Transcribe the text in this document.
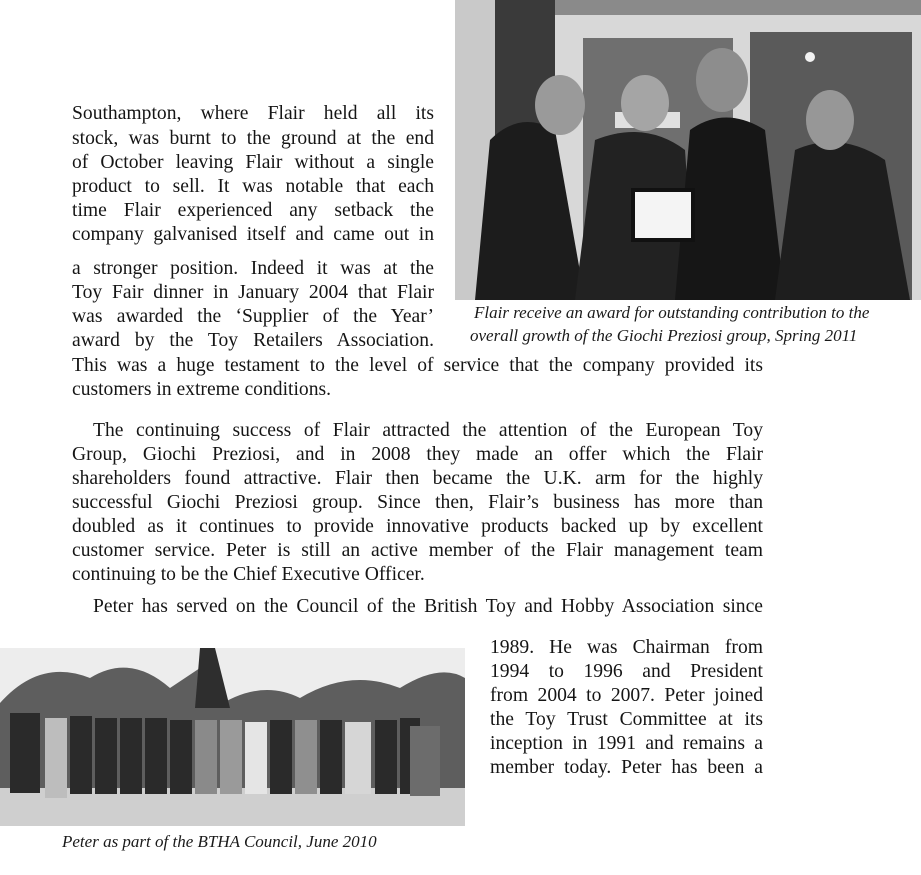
Southampton, where Flair held all its
stock, was burnt to the ground at the end
of October leaving Flair without a single
product to sell. It was notable that each
time Flair experienced any setback the
company galvanised itself and came out in
a stronger position. Indeed it was at the
Toy Fair dinner in January 2004 that Flair
was awarded the ‘Supplier of the Year’
award by the Toy Retailers Association.
Flair receive an award for outstanding contribution to the
overall growth of the Giochi Preziosi group, Spring 2011
This was a huge testament to the level of service that the company provided its
customers in extreme conditions.
The continuing success of Flair attracted the attention of the European Toy
Group, Giochi Preziosi, and in 2008 they made an offer which the Flair
shareholders found attractive. Flair then became the U.K. arm for the highly
successful Giochi Preziosi group. Since then, Flair’s business has more than
doubled as it continues to provide innovative products backed up by excellent
customer service. Peter is still an active member of the Flair management team
continuing to be the Chief Executive Officer.
Peter has served on the Council of the British Toy and Hobby Association since
Peter as part of the BTHA Council, June 2010
1989. He was Chairman from
1994 to 1996 and President
from 2004 to 2007. Peter joined
the Toy Trust Committee at its
inception in 1991 and remains a
member today. Peter has been a
